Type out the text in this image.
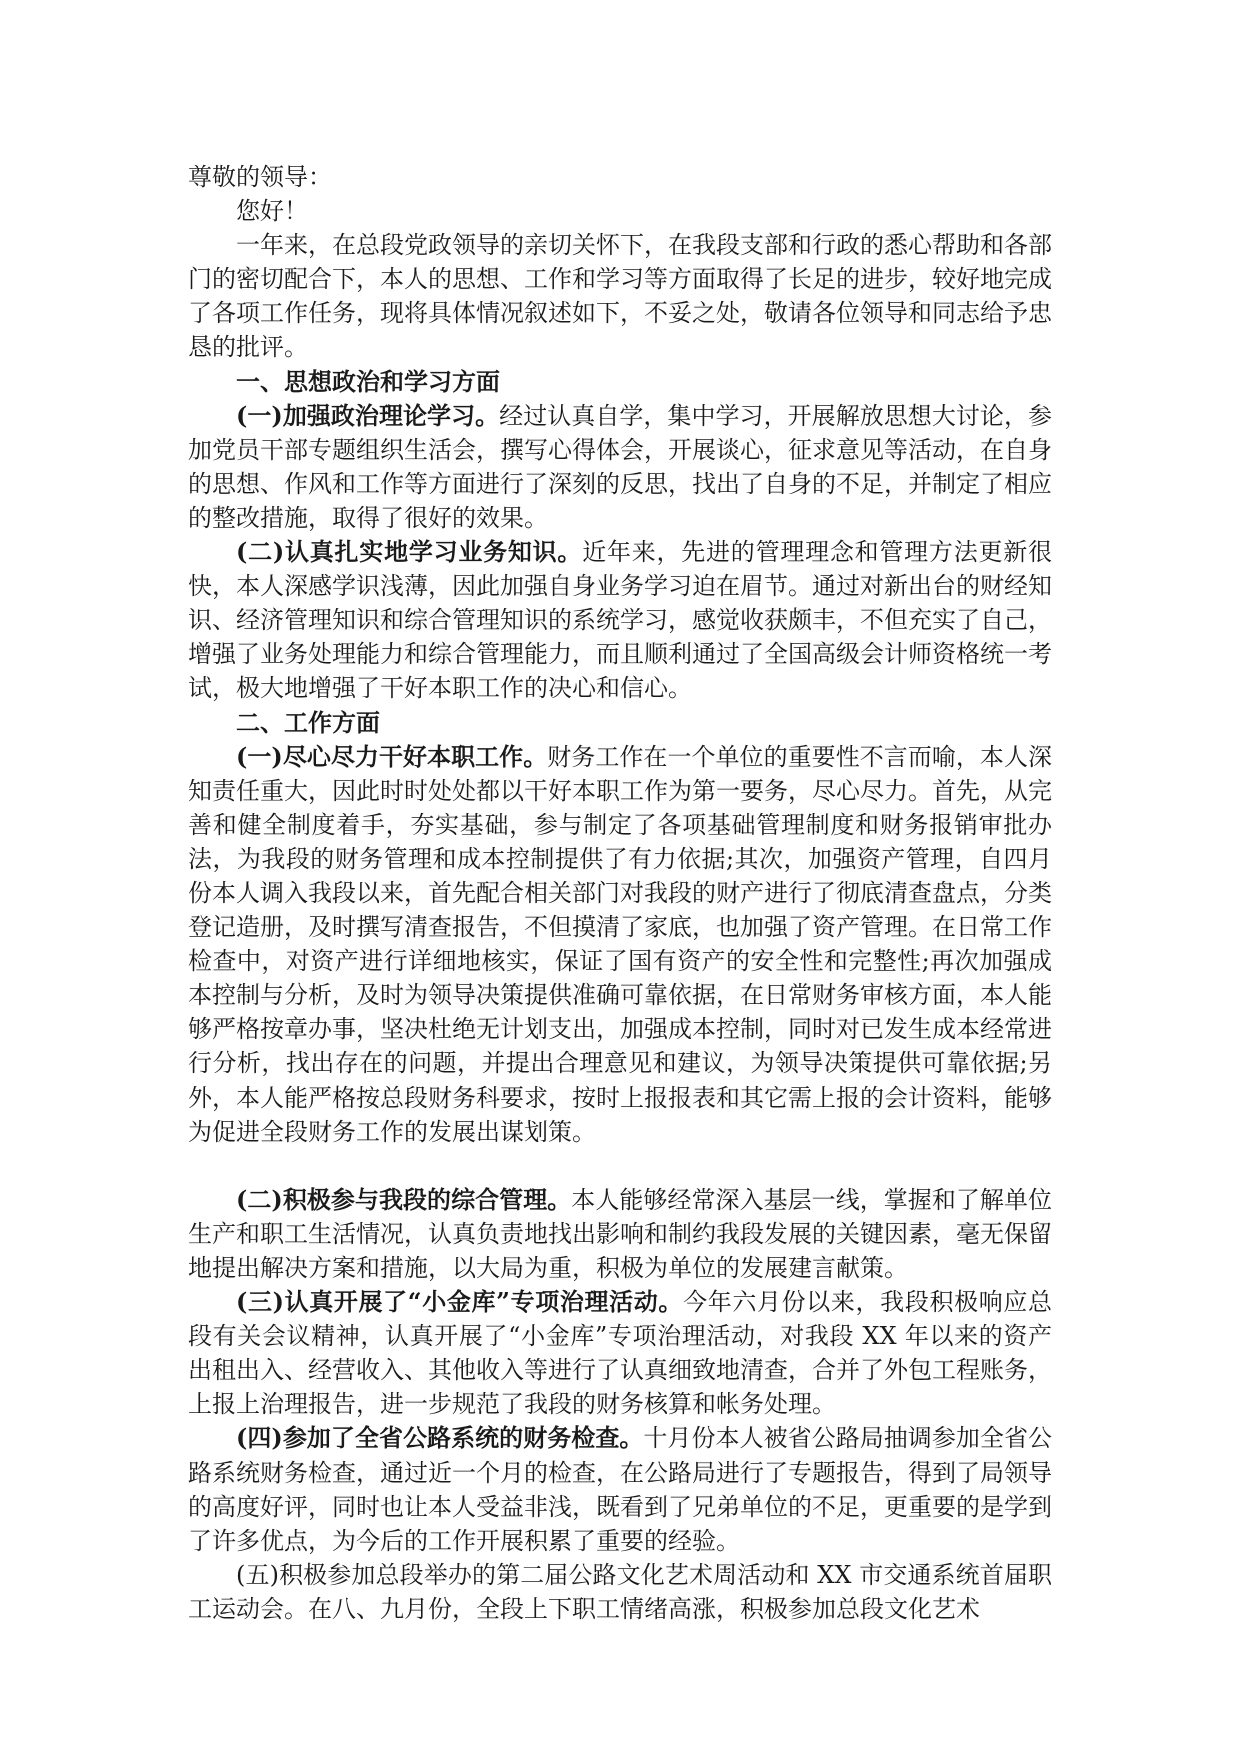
尊敬的领导：

您好！

一年来，在总段党政领导的亲切关怀下，在我段支部和行政的悉心帮助和各部门的密切配合下，本人的思想、工作和学习等方面取得了长足的进步，较好地完成了各项工作任务，现将具体情况叙述如下，不妥之处，敬请各位领导和同志给予忠恳的批评。

一、思想政治和学习方面

(一)加强政治理论学习。经过认真自学，集中学习，开展解放思想大讨论，参加党员干部专题组织生活会，撰写心得体会，开展谈心，征求意见等活动，在自身的思想、作风和工作等方面进行了深刻的反思，找出了自身的不足，并制定了相应的整改措施，取得了很好的效果。

(二)认真扎实地学习业务知识。近年来，先进的管理理念和管理方法更新很快，本人深感学识浅薄，因此加强自身业务学习迫在眉节。通过对新出台的财经知识、经济管理知识和综合管理知识的系统学习，感觉收获颇丰，不但充实了自己，增强了业务处理能力和综合管理能力，而且顺利通过了全国高级会计师资格统一考试，极大地增强了干好本职工作的决心和信心。

二、工作方面

(一)尽心尽力干好本职工作。财务工作在一个单位的重要性不言而喻，本人深知责任重大，因此时时处处都以干好本职工作为第一要务，尽心尽力。首先，从完善和健全制度着手，夯实基础，参与制定了各项基础管理制度和财务报销审批办法，为我段的财务管理和成本控制提供了有力依据;其次，加强资产管理，自四月份本人调入我段以来，首先配合相关部门对我段的财产进行了彻底清查盘点，分类登记造册，及时撰写清查报告，不但摸清了家底，也加强了资产管理。在日常工作检查中，对资产进行详细地核实，保证了国有资产的安全性和完整性;再次加强成本控制与分析，及时为领导决策提供准确可靠依据，在日常财务审核方面，本人能够严格按章办事，坚决杜绝无计划支出，加强成本控制，同时对已发生成本经常进行分析，找出存在的问题，并提出合理意见和建议，为领导决策提供可靠依据;另外，本人能严格按总段财务科要求，按时上报报表和其它需上报的会计资料，能够为促进全段财务工作的发展出谋划策。

(二)积极参与我段的综合管理。本人能够经常深入基层一线，掌握和了解单位生产和职工生活情况，认真负责地找出影响和制约我段发展的关键因素，毫无保留地提出解决方案和措施，以大局为重，积极为单位的发展建言献策。

(三)认真开展了“小金库”专项治理活动。今年六月份以来，我段积极响应总段有关会议精神，认真开展了“小金库”专项治理活动，对我段 XX 年以来的资产出租出入、经营收入、其他收入等进行了认真细致地清查，合并了外包工程账务，上报上治理报告，进一步规范了我段的财务核算和帐务处理。

(四)参加了全省公路系统的财务检查。十月份本人被省公路局抽调参加全省公路系统财务检查，通过近一个月的检查，在公路局进行了专题报告，得到了局领导的高度好评，同时也让本人受益非浅，既看到了兄弟单位的不足，更重要的是学到了许多优点，为今后的工作开展积累了重要的经验。

(五)积极参加总段举办的第二届公路文化艺术周活动和 XX 市交通系统首届职工运动会。在八、九月份，全段上下职工情绪高涨，积极参加总段文化艺术
